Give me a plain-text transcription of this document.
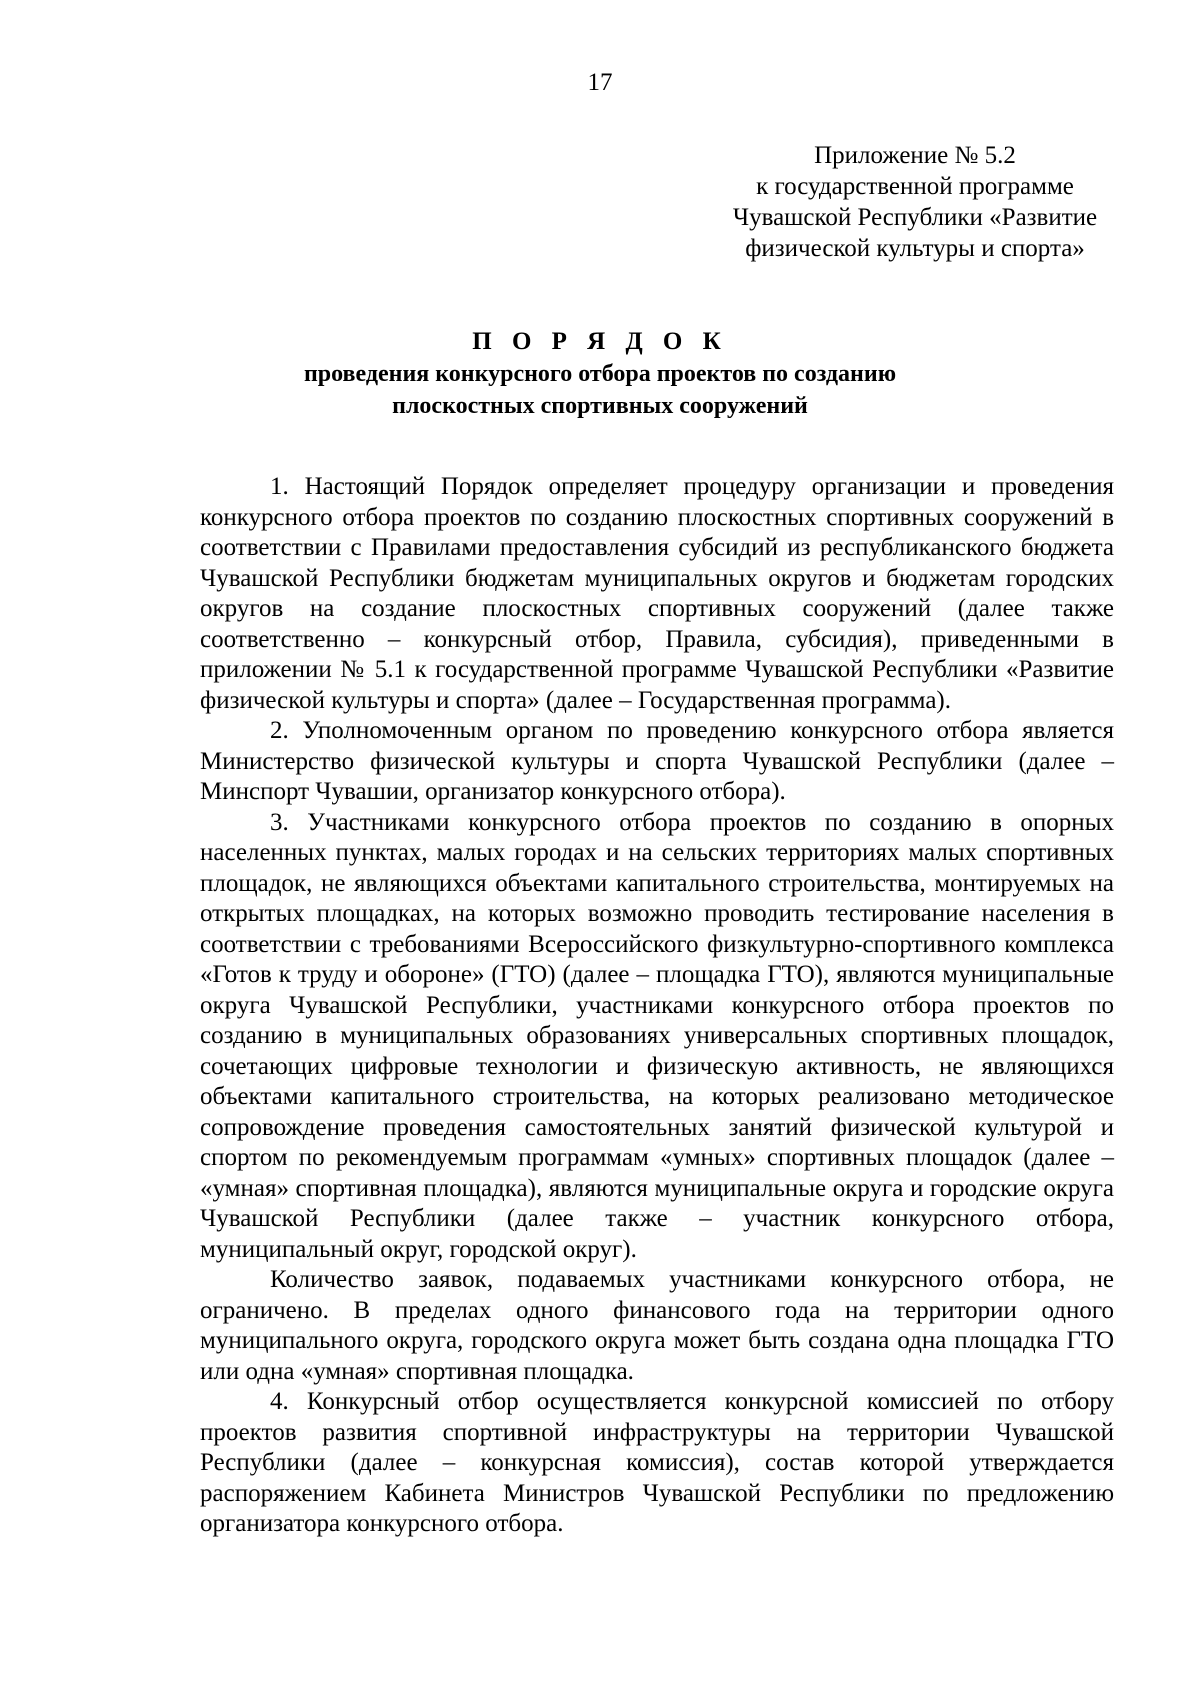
17
Приложение № 5.2
к государственной программе
Чувашской Республики «Развитие
физической культуры и спорта»
П О Р Я Д О К
проведения конкурсного отбора проектов по созданию
плоскостных спортивных сооружений

1. Настоящий Порядок определяет процедуру организации и проведения конкурсного отбора проектов по созданию плоскостных спортивных сооружений в соответствии с Правилами предоставления субсидий из республиканского бюджета Чувашской Республики бюджетам муниципальных округов и бюджетам городских округов на создание плоскостных спортивных сооружений (далее также соответственно – конкурсный отбор, Правила, субсидия), приведенными в приложении № 5.1 к государственной программе Чувашской Республики «Развитие физической культуры и спорта» (далее – Государственная программа).

2. Уполномоченным органом по проведению конкурсного отбора является Министерство физической культуры и спорта Чувашской Республики (далее – Минспорт Чувашии, организатор конкурсного отбора).

3. Участниками конкурсного отбора проектов по созданию в опорных населенных пунктах, малых городах и на сельских территориях малых спортивных площадок, не являющихся объектами капитального строительства, монтируемых на открытых площадках, на которых возможно проводить тестирование населения в соответствии с требованиями Всероссийского физкультурно-спортивного комплекса «Готов к труду и обороне» (ГТО) (далее – площадка ГТО), являются муниципальные округа Чувашской Республики, участниками конкурсного отбора проектов по созданию в муниципальных образованиях универсальных спортивных площадок, сочетающих цифровые технологии и физическую активность, не являющихся объектами капитального строительства, на которых реализовано методическое сопровождение проведения самостоятельных занятий физической культурой и спортом по рекомендуемым программам «умных» спортивных площадок (далее – «умная» спортивная площадка), являются муниципальные округа и городские округа Чувашской Республики (далее также – участник конкурсного отбора, муниципальный округ, городской округ).

Количество заявок, подаваемых участниками конкурсного отбора, не ограничено. В пределах одного финансового года на территории одного муниципального округа, городского округа может быть создана одна площадка ГТО или одна «умная» спортивная площадка.

4. Конкурсный отбор осуществляется конкурсной комиссией по отбору проектов развития спортивной инфраструктуры на территории Чувашской Республики (далее – конкурсная комиссия), состав которой утверждается распоряжением Кабинета Министров Чувашской Республики по предложению организатора конкурсного отбора.
